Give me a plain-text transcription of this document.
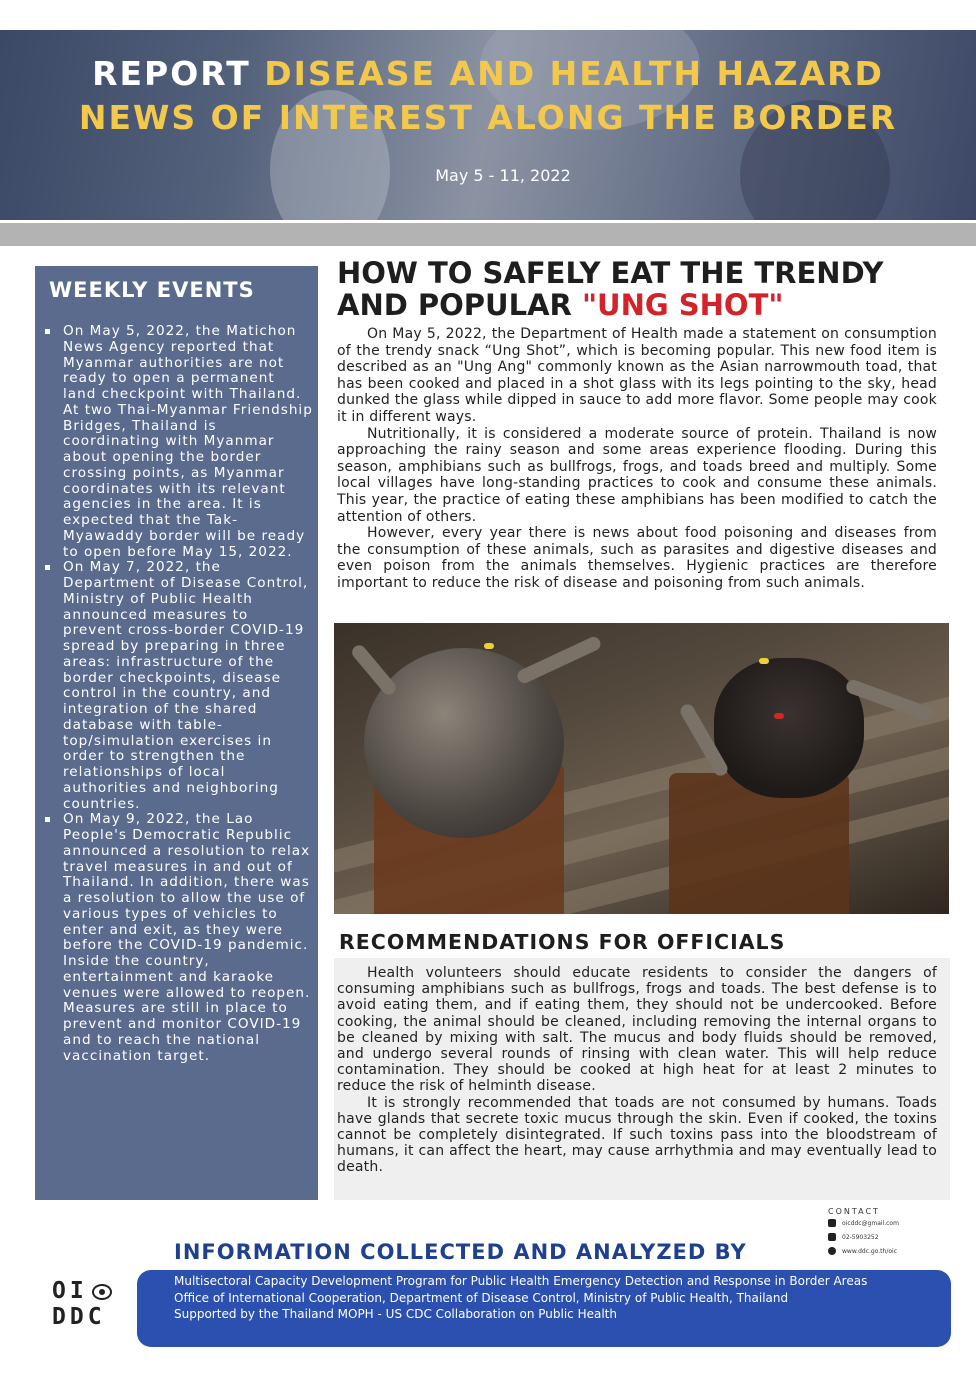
REPORT DISEASE AND HEALTH HAZARD
NEWS OF INTEREST ALONG THE BORDER
May 5 - 11, 2022
WEEKLY EVENTS
On May 5, 2022, the Matichon News Agency reported that Myanmar authorities are not ready to open a permanent land checkpoint with Thailand. At two Thai-Myanmar Friendship Bridges, Thailand is coordinating with Myanmar about opening the border crossing points, as Myanmar coordinates with its relevant agencies in the area. It is expected that the Tak-Myawaddy border will be ready to open before May 15, 2022.
On May 7, 2022, the Department of Disease Control, Ministry of Public Health announced measures to prevent cross-border COVID-19 spread by preparing in three areas: infrastructure of the border checkpoints, disease control in the country, and integration of the shared database with table-top/simulation exercises in order to strengthen the relationships of local authorities and neighboring countries.
On May 9, 2022, the Lao People's Democratic Republic announced a resolution to relax travel measures in and out of Thailand. In addition, there was a resolution to allow the use of various types of vehicles to enter and exit, as they were before the COVID-19 pandemic. Inside the country, entertainment and karaoke venues were allowed to reopen. Measures are still in place to prevent and monitor COVID-19 and to reach the national vaccination target.
HOW TO SAFELY EAT THE TRENDY AND POPULAR "UNG SHOT"

On May 5, 2022, the Department of Health made a statement on consumption of the trendy snack “Ung Shot”, which is becoming popular. This new food item is described as an "Ung Ang" commonly known as the Asian narrowmouth toad, that has been cooked and placed in a shot glass with its legs pointing to the sky, head dunked the glass while dipped in sauce to add more flavor. Some people may cook it in different ways.

Nutritionally, it is considered a moderate source of protein. Thailand is now approaching the rainy season and some areas experience flooding. During this season, amphibians such as bullfrogs, frogs, and toads breed and multiply. Some local villages have long-standing practices to cook and consume these animals. This year, the practice of eating these amphibians has been modified to catch the attention of others.

However, every year there is news about food poisoning and diseases from the consumption of these animals, such as parasites and digestive diseases and even poison from the animals themselves. Hygienic practices are therefore important to reduce the risk of disease and poisoning from such animals.

RECOMMENDATIONS FOR OFFICIALS

Health volunteers should educate residents to consider the dangers of consuming amphibians such as bullfrogs, frogs and toads. The best defense is to avoid eating them, and if eating them, they should not be undercooked. Before cooking, the animal should be cleaned, including removing the internal organs to be cleaned by mixing with salt. The mucus and body fluids should be removed, and undergo several rounds of rinsing with clean water. This will help reduce contamination. They should be cooked at high heat for at least 2 minutes to reduce the risk of helminth disease.

It is strongly recommended that toads are not consumed by humans. Toads have glands that secrete toxic mucus through the skin. Even if cooked, the toxins cannot be completely disintegrated. If such toxins pass into the bloodstream of humans, it can affect the heart, may cause arrhythmia and may eventually lead to death.

CONTACT
oicddc@gmail.com
02-5903252
www.ddc.go.th/oic
INFORMATION COLLECTED AND ANALYZED BY
Multisectoral Capacity Development Program for Public Health Emergency Detection and Response in Border Areas
Office of International Cooperation, Department of Disease Control, Ministry of Public Health, Thailand
Supported by the Thailand MOPH - US CDC Collaboration on Public Health
OI
DDC
